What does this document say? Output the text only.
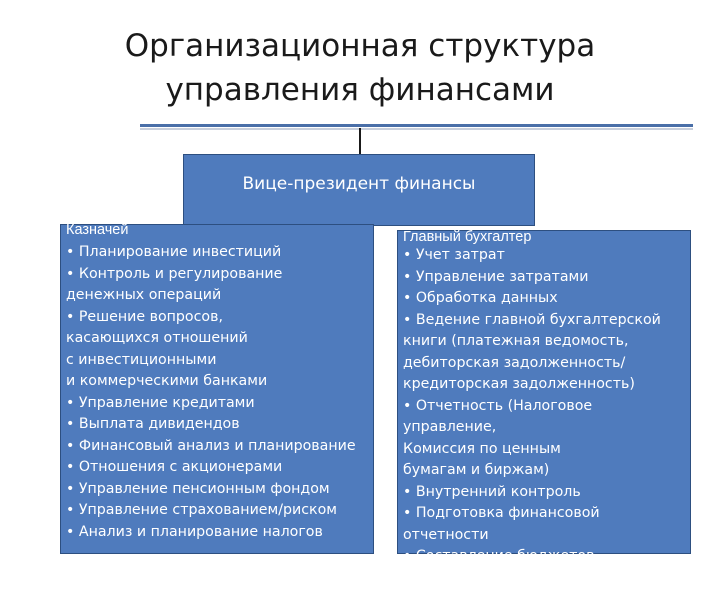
Организационная структура
управления финансами
Вице-президент финансы
Казначей
• Планирование инвестиций
• Контроль и регулирование
денежных операций
• Решение вопросов,
касающихся отношений
с инвестиционными
и коммерческими банками
• Управление кредитами
• Выплата дивидендов
• Финансовый анализ и планирование
• Отношения с акционерами
• Управление пенсионным фондом
• Управление страхованием/риском
• Анализ и планирование налогов
Главный бухгалтер
• Учет затрат
• Управление затратами
• Обработка данных
• Ведение главной бухгалтерской
книги (платежная ведомость,
дебиторская задолженность/
кредиторская задолженность)
• Отчетность (Налоговое управление,
Комиссия по ценным
бумагам и биржам)
• Внутренний контроль
• Подготовка финансовой отчетности
• Составление бюджетов
• Составление прогнозов
